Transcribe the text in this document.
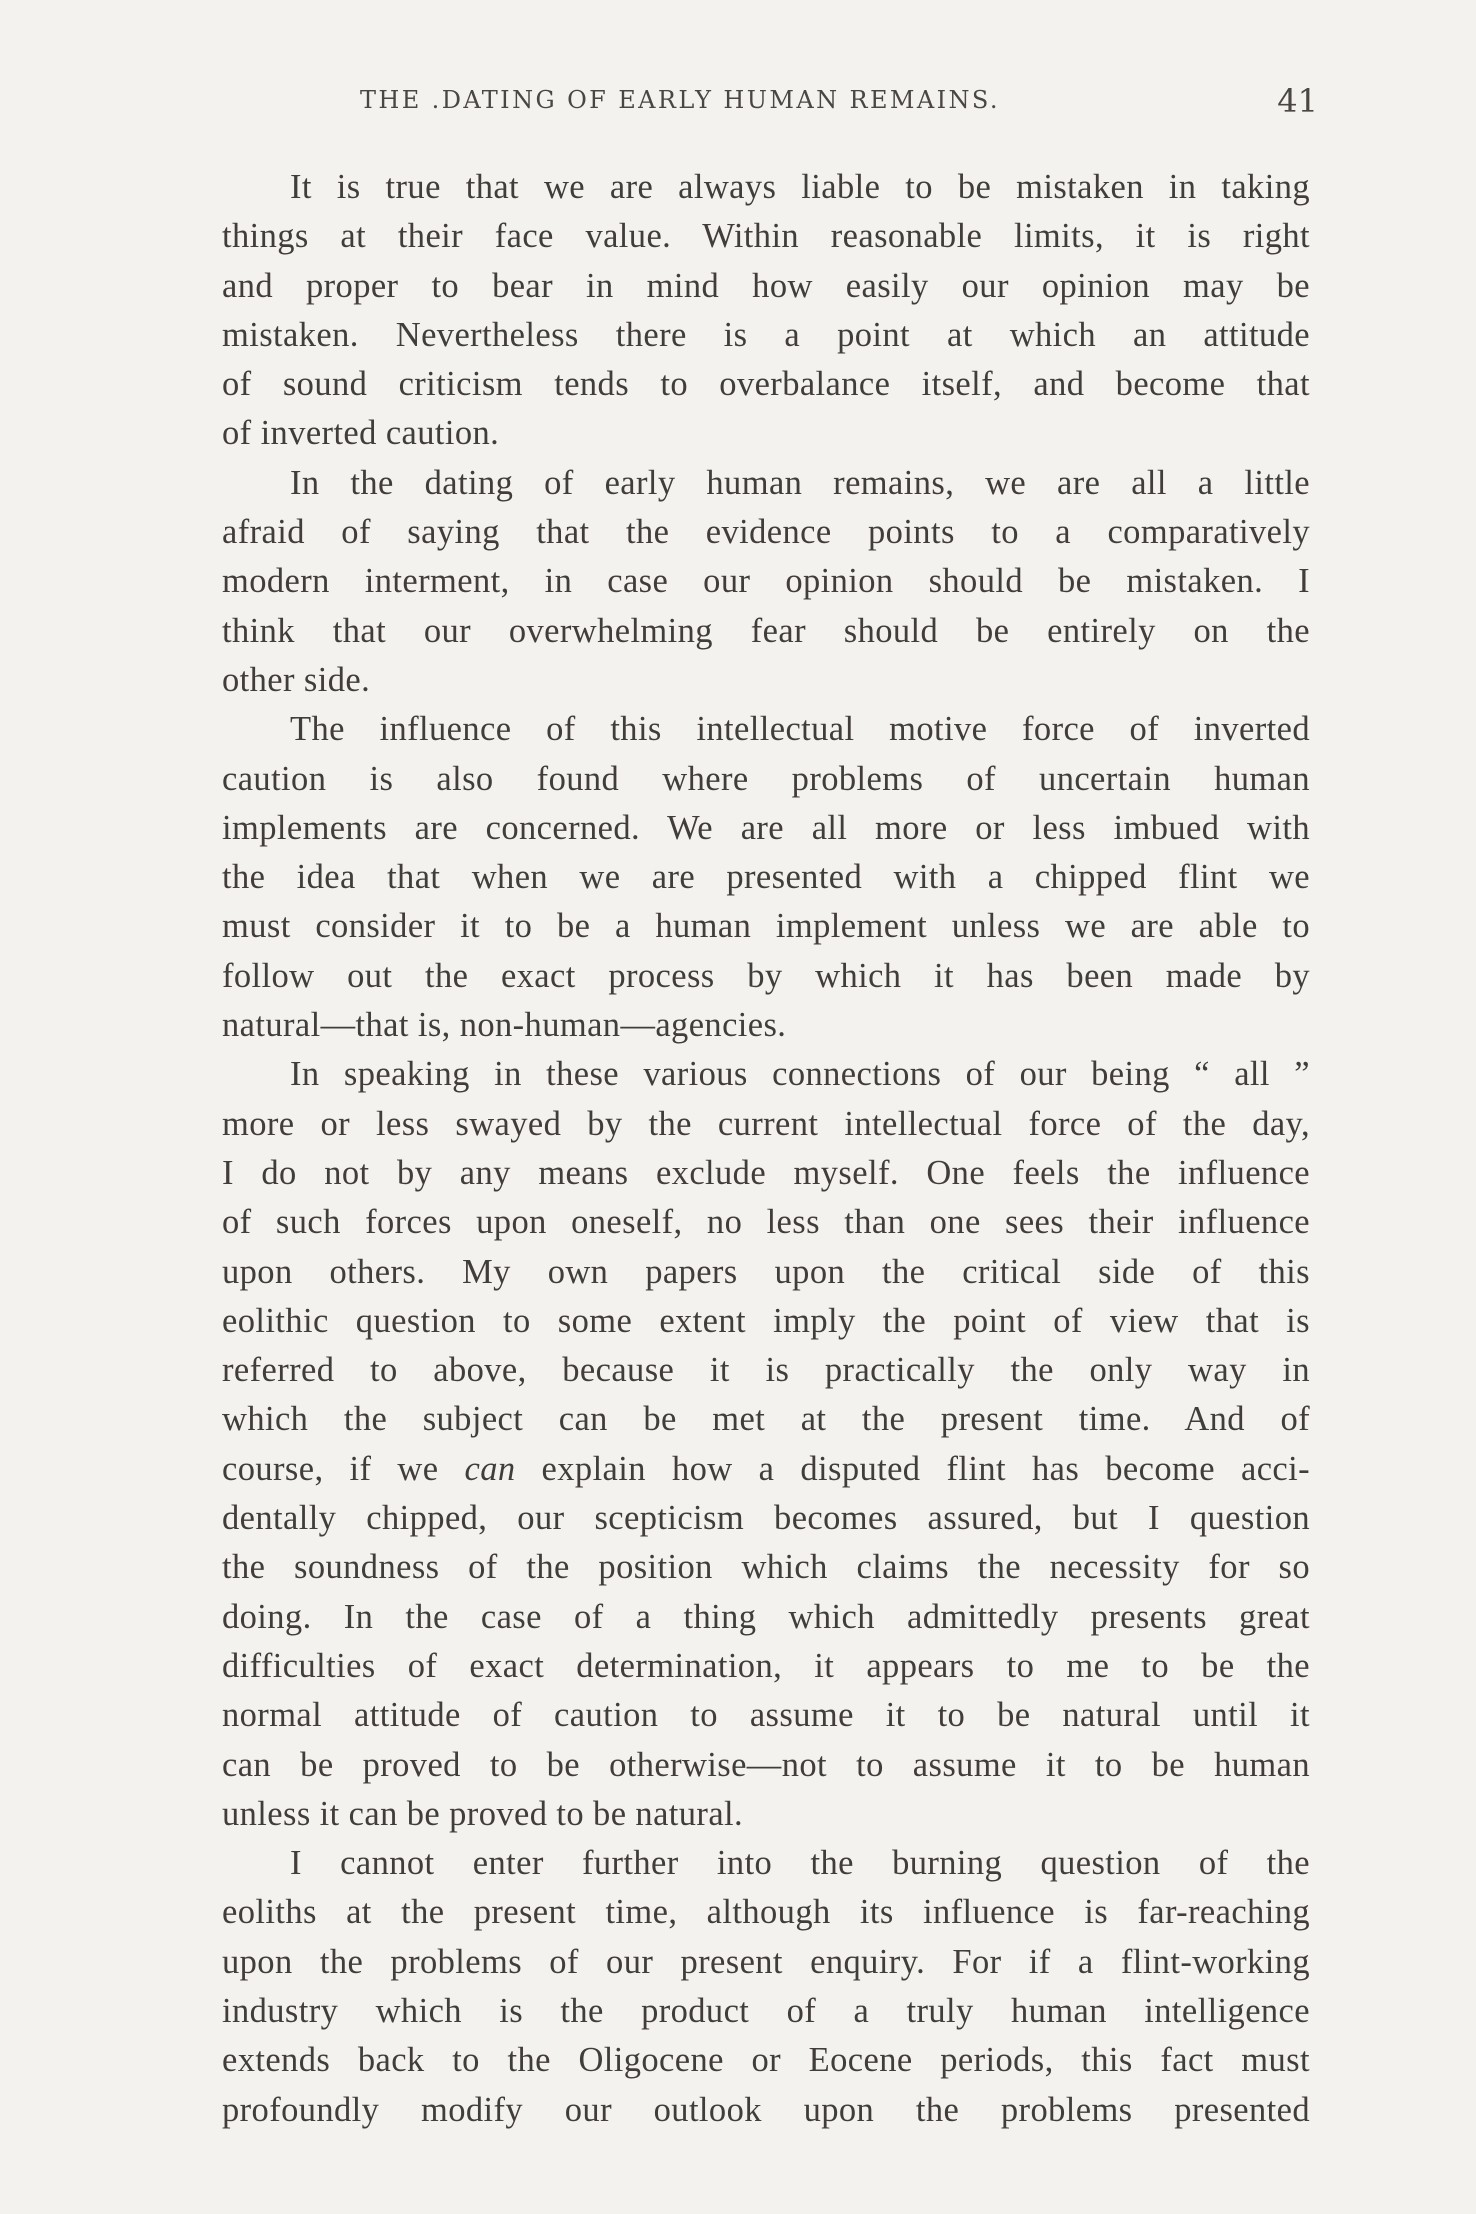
THE .DATING OF EARLY HUMAN REMAINS.	41
It is true that we are always liable to be mistaken in taking
things at their face value. Within reasonable limits, it is right
and proper to bear in mind how easily our opinion may be
mistaken. Nevertheless there is a point at which an attitude
of sound criticism tends to overbalance itself, and become that
of inverted caution.
In the dating of early human remains, we are all a little
afraid of saying that the evidence points to a comparatively
modern interment, in case our opinion should be mistaken. I
think that our overwhelming fear should be entirely on the
other side.
The influence of this intellectual motive force of inverted
caution is also found where problems of uncertain human
implements are concerned. We are all more or less imbued with
the idea that when we are presented with a chipped flint we
must consider it to be a human implement unless we are able to
follow out the exact process by which it has been made by
natural—that is, non-human—agencies.
In speaking in these various connections of our being “ all ”
more or less swayed by the current intellectual force of the day,
I do not by any means exclude myself. One feels the influence
of such forces upon oneself, no less than one sees their influence
upon others. My own papers upon the critical side of this
eolithic question to some extent imply the point of view that is
referred to above, because it is practically the only way in
which the subject can be met at the present time. And of
course, if we can explain how a disputed flint has become acci-
dentally chipped, our scepticism becomes assured, but I question
the soundness of the position which claims the necessity for so
doing. In the case of a thing which admittedly presents great
difficulties of exact determination, it appears to me to be the
normal attitude of caution to assume it to be natural until it
can be proved to be otherwise—not to assume it to be human
unless it can be proved to be natural.
I cannot enter further into the burning question of the
eoliths at the present time, although its influence is far-reaching
upon the problems of our present enquiry. For if a flint-working
industry which is the product of a truly human intelligence
extends back to the Oligocene or Eocene periods, this fact must
profoundly modify our outlook upon the problems presented
